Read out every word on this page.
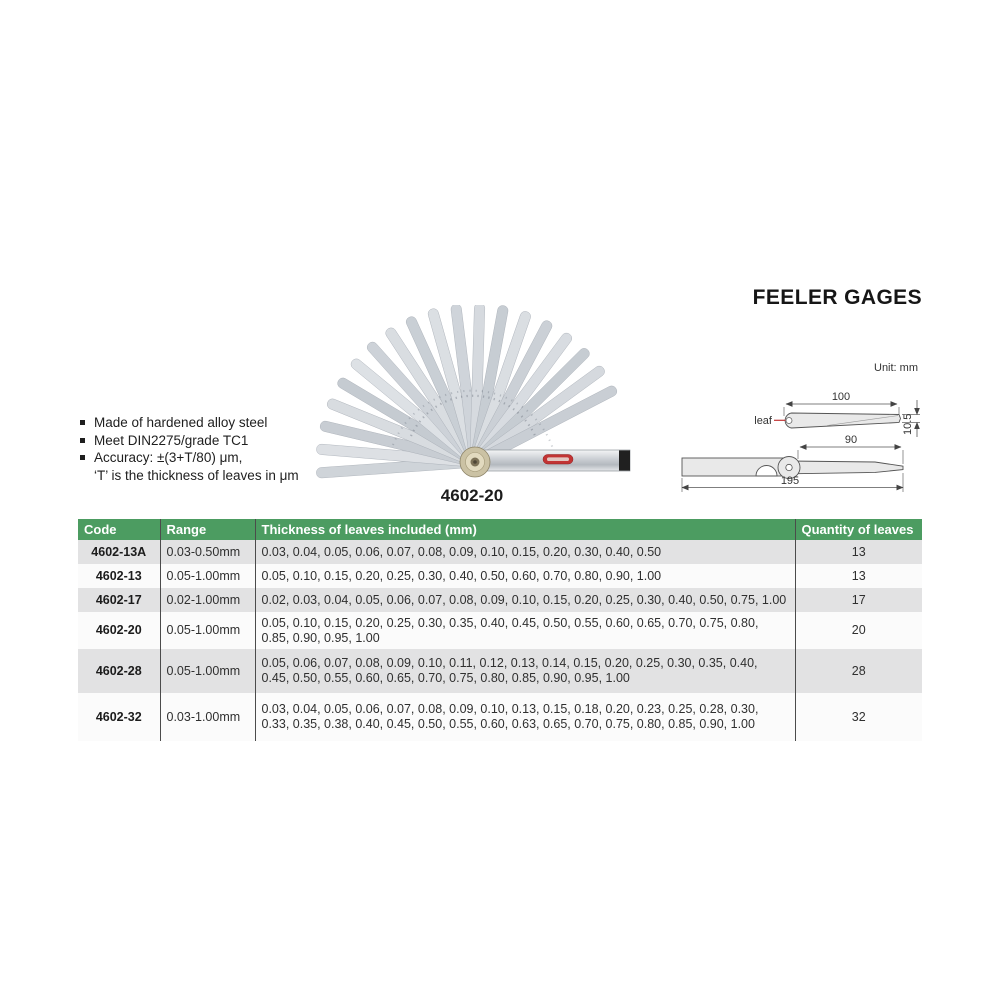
FEELER GAGES
Made of hardened alloy steel
Meet DIN2275/grade TC1
Accuracy: ±(3+T/80) μm,
‘T’ is the thickness of leaves in μm
4602-20
Unit: mm
100
leaf	10.5
90
195
Code	Range	Thickness of leaves included (mm)	Quantity of leaves
4602-13A	0.03-0.50mm	0.03, 0.04, 0.05, 0.06, 0.07, 0.08, 0.09, 0.10, 0.15, 0.20, 0.30, 0.40, 0.50	13
4602-13	0.05-1.00mm	0.05, 0.10, 0.15, 0.20, 0.25, 0.30, 0.40, 0.50, 0.60, 0.70, 0.80, 0.90, 1.00	13
4602-17	0.02-1.00mm	0.02, 0.03, 0.04, 0.05, 0.06, 0.07, 0.08, 0.09, 0.10, 0.15, 0.20, 0.25, 0.30, 0.40, 0.50, 0.75, 1.00	17
4602-20	0.05-1.00mm	0.05, 0.10, 0.15, 0.20, 0.25, 0.30, 0.35, 0.40, 0.45, 0.50, 0.55, 0.60, 0.65, 0.70, 0.75, 0.80, 0.85, 0.90, 0.95, 1.00	20
4602-28	0.05-1.00mm	0.05, 0.06, 0.07, 0.08, 0.09, 0.10, 0.11, 0.12, 0.13, 0.14, 0.15, 0.20, 0.25, 0.30, 0.35, 0.40, 0.45, 0.50, 0.55, 0.60, 0.65, 0.70, 0.75, 0.80, 0.85, 0.90, 0.95, 1.00	28
4602-32	0.03-1.00mm	0.03, 0.04, 0.05, 0.06, 0.07, 0.08, 0.09, 0.10, 0.13, 0.15, 0.18, 0.20, 0.23, 0.25, 0.28, 0.30, 0.33, 0.35, 0.38, 0.40, 0.45, 0.50, 0.55, 0.60, 0.63, 0.65, 0.70, 0.75, 0.80, 0.85, 0.90, 1.00	32
